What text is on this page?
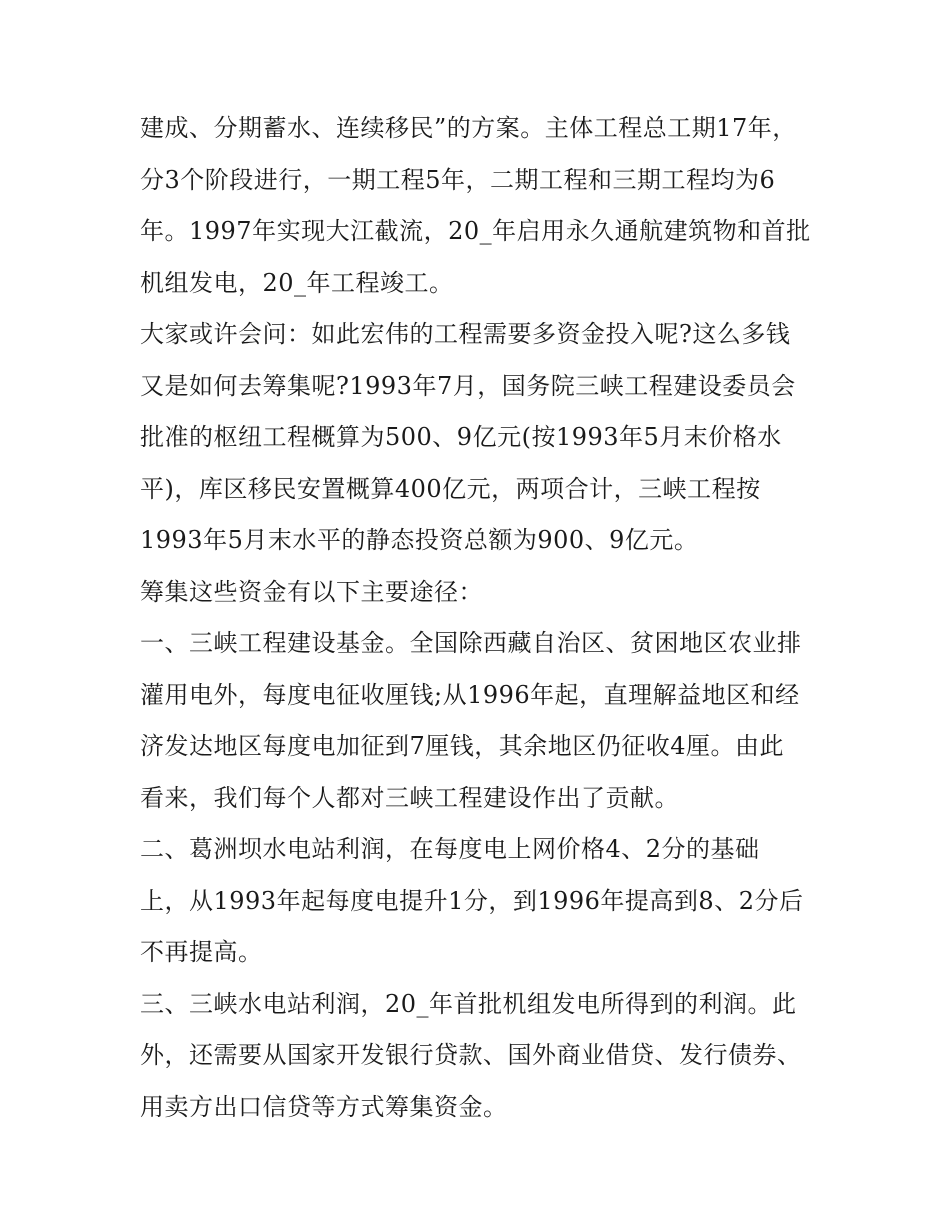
建成、分期蓄水、连续移民”的方案。主体工程总工期17年，
分3个阶段进行，一期工程5年，二期工程和三期工程均为6
年。1997年实现大江截流，20_年启用永久通航建筑物和首批
机组发电，20_年工程竣工。
大家或许会问：如此宏伟的工程需要多资金投入呢?这么多钱
又是如何去筹集呢?1993年7月，国务院三峡工程建设委员会
批准的枢纽工程概算为500、9亿元(按1993年5月末价格水
平)，库区移民安置概算400亿元，两项合计，三峡工程按
1993年5月末水平的静态投资总额为900、9亿元。
筹集这些资金有以下主要途径：
一、三峡工程建设基金。全国除西藏自治区、贫困地区农业排
灌用电外，每度电征收厘钱;从1996年起，直理解益地区和经
济发达地区每度电加征到7厘钱，其余地区仍征收4厘。由此
看来，我们每个人都对三峡工程建设作出了贡献。
二、葛洲坝水电站利润，在每度电上网价格4、2分的基础
上，从1993年起每度电提升1分，到1996年提高到8、2分后
不再提高。
三、三峡水电站利润，20_年首批机组发电所得到的利润。此
外，还需要从国家开发银行贷款、国外商业借贷、发行债券、
用卖方出口信贷等方式筹集资金。
